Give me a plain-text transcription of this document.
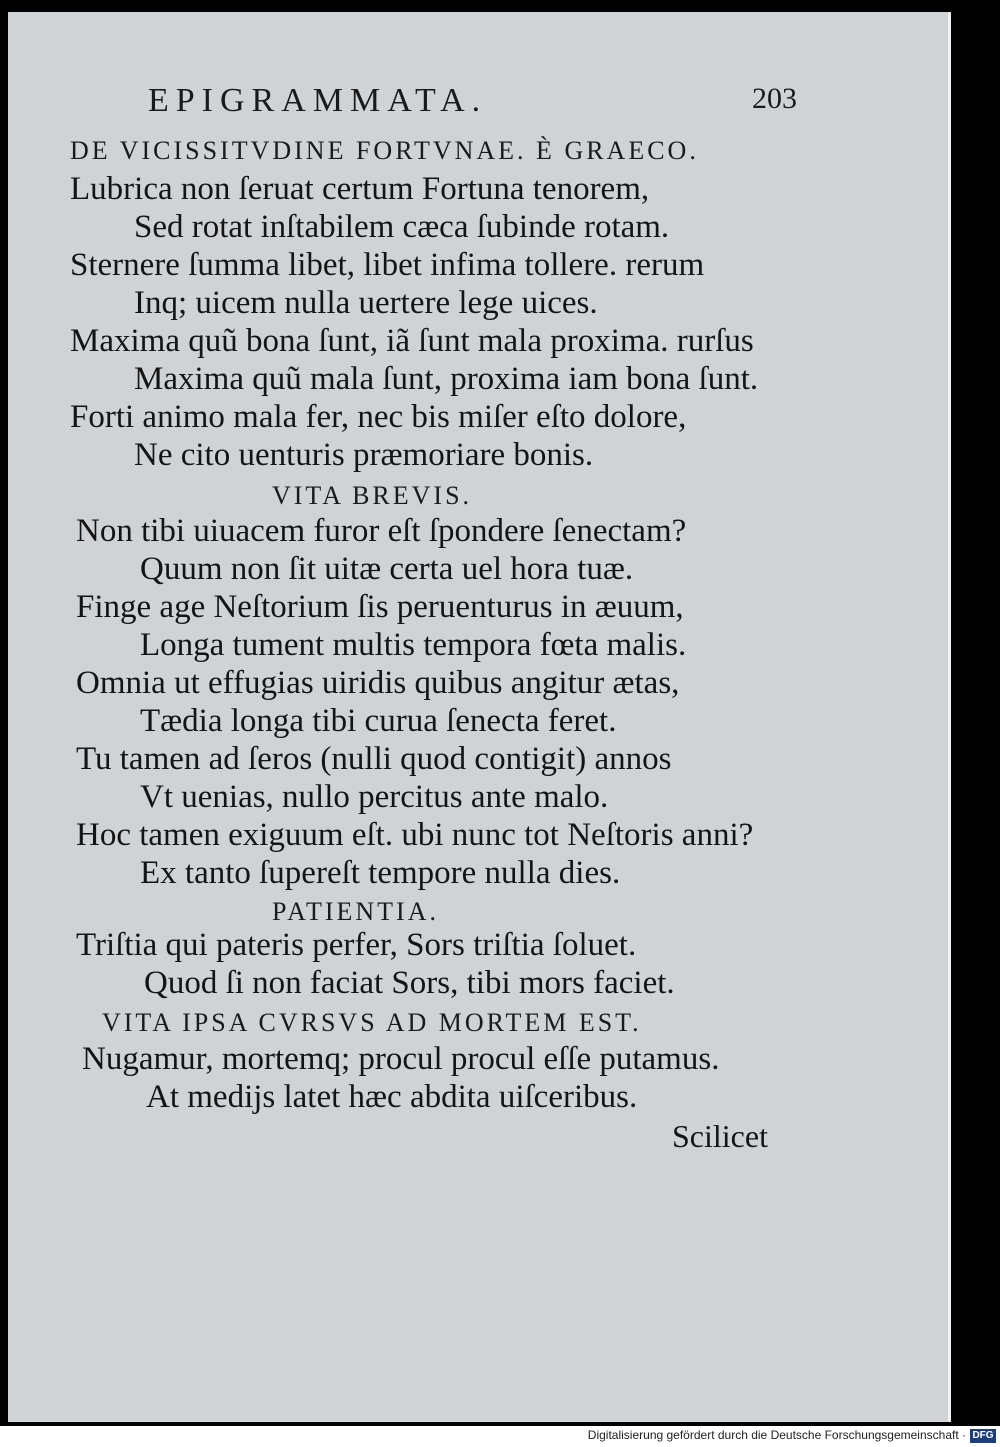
EPIGRAMMATA.	203
DE VICISSITVDINE FORTVNAE. È GRAECO.
Lubrica non ſeruat certum Fortuna tenorem,
Sed rotat inſtabilem cæca ſubinde rotam.
Sternere ſumma libet, libet infima tollere. rerum
Inq; uicem nulla uertere lege uices.
Maxima quũ bona ſunt, iã ſunt mala proxima. rurſus
Maxima quũ mala ſunt, proxima iam bona ſunt.
Forti animo mala fer, nec bis miſer eſto dolore,
Ne cito uenturis præmoriare bonis.
VITA BREVIS.
Non tibi uiuacem furor eſt ſpondere ſenectam?
Quum non ſit uitæ certa uel hora tuæ.
Finge age Neſtorium ſis peruenturus in æuum,
Longa tument multis tempora fœta malis.
Omnia ut effugias uiridis quibus angitur ætas,
Tædia longa tibi curua ſenecta feret.
Tu tamen ad ſeros (nulli quod contigit) annos
Vt uenias, nullo percitus ante malo.
Hoc tamen exiguum eſt. ubi nunc tot Neſtoris anni?
Ex tanto ſupereſt tempore nulla dies.
PATIENTIA.
Triſtia qui pateris perfer, Sors triſtia ſoluet.
Quod ſi non faciat Sors, tibi mors faciet.
VITA IPSA CVRSVS AD MORTEM EST.
Nugamur, mortemq; procul procul eſſe putamus.
At medijs latet hæc abdita uiſceribus.
Scilicet
Digitalisierung gefördert durch die Deutsche Forschungsgemeinschaft · DFG
